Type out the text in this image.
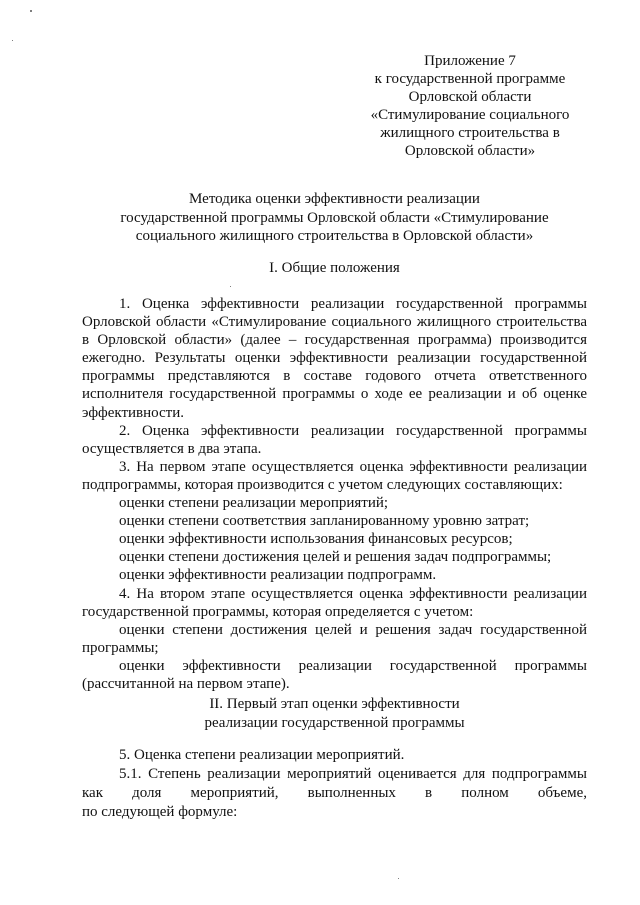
Приложение 7
к государственной программе
Орловской области
«Стимулирование социального
жилищного строительства в
Орловской области»
Методика оценки эффективности реализации
государственной программы Орловской области «Стимулирование
социального жилищного строительства в Орловской области»
I. Общие положения
1. Оценка эффективности реализации государственной программы
Орловской области «Стимулирование социального жилищного строительства
в Орловской области» (далее – государственная программа) производится
ежегодно. Результаты оценки эффективности реализации государственной
программы представляются в составе годового отчета ответственного
исполнителя государственной программы о ходе ее реализации и об оценке
эффективности.
2. Оценка эффективности реализации государственной программы
осуществляется в два этапа.
3. На первом этапе осуществляется оценка эффективности реализации
подпрограммы, которая производится с учетом следующих составляющих:
оценки степени реализации мероприятий;
оценки степени соответствия запланированному уровню затрат;
оценки эффективности использования финансовых ресурсов;
оценки степени достижения целей и решения задач подпрограммы;
оценки эффективности реализации подпрограмм.
4. На втором этапе осуществляется оценка эффективности реализации
государственной программы, которая определяется с учетом:
оценки степени достижения целей и решения задач государственной
программы;
оценки эффективности реализации государственной программы
(рассчитанной на первом этапе).
II. Первый этап оценки эффективности
реализации государственной программы
5. Оценка степени реализации мероприятий.
5.1. Степень реализации мероприятий оценивается для подпрограммы
как доля мероприятий, выполненных в полном объеме,
по следующей формуле:
